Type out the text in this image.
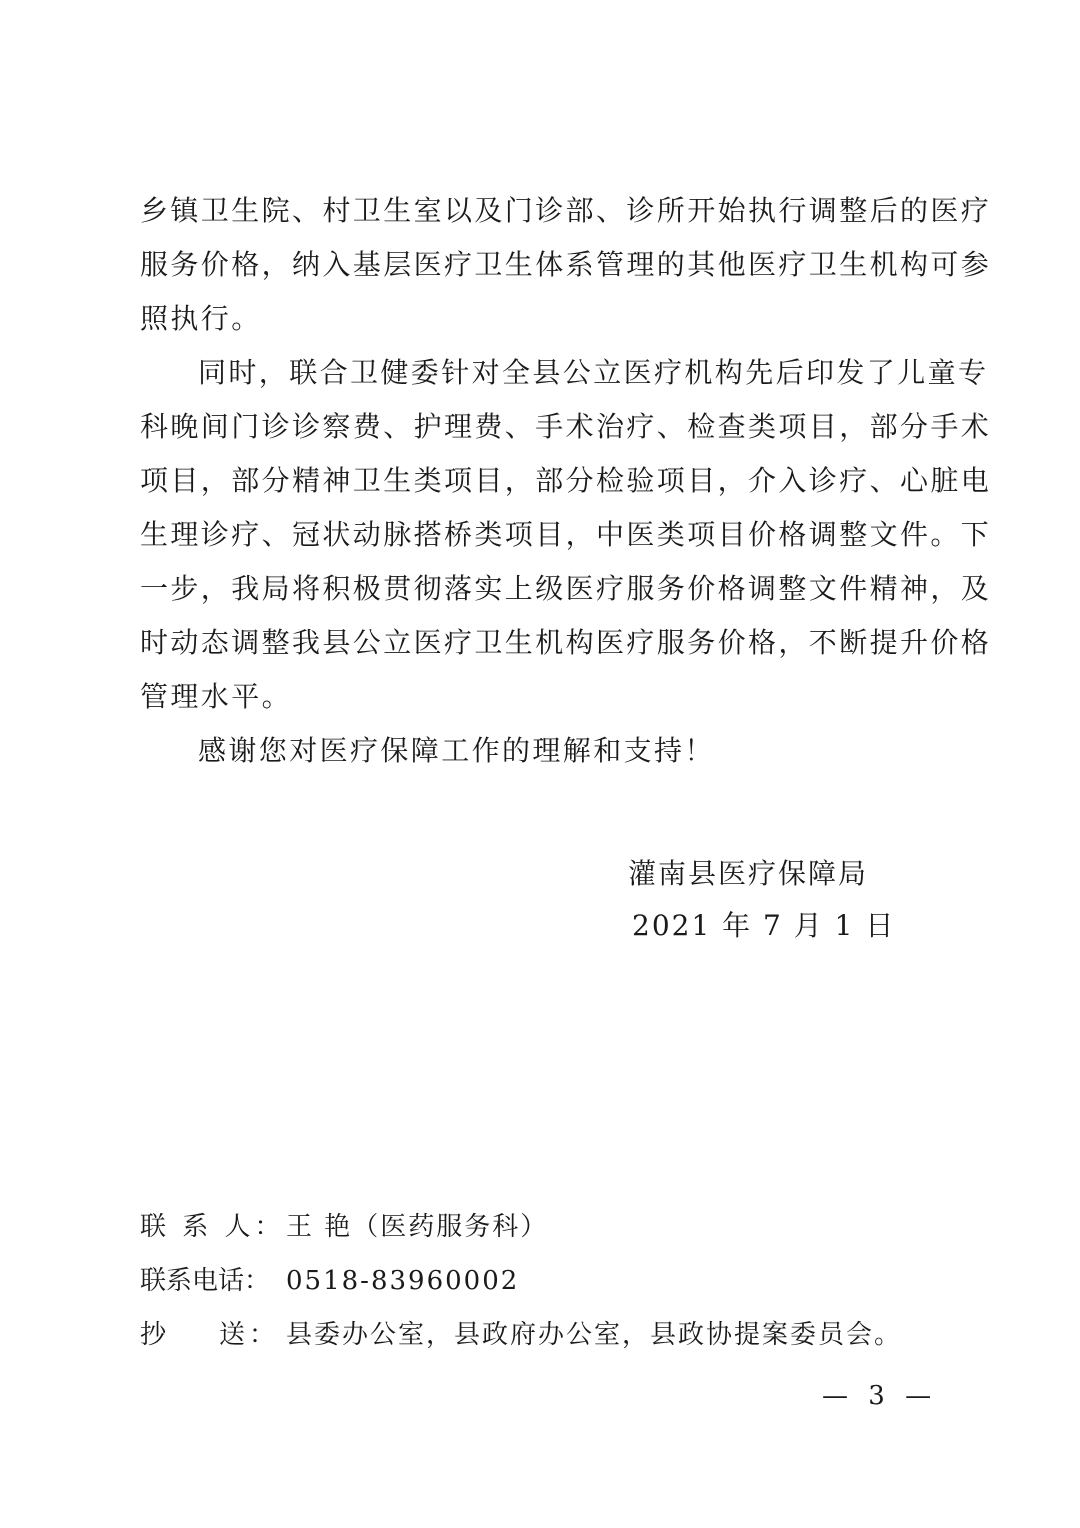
乡镇卫生院、村卫生室以及门诊部、诊所开始执行调整后的医疗
服务价格，纳入基层医疗卫生体系管理的其他医疗卫生机构可参
照执行。
同时，联合卫健委针对全县公立医疗机构先后印发了儿童专
科晚间门诊诊察费、护理费、手术治疗、检查类项目，部分手术
项目，部分精神卫生类项目，部分检验项目，介入诊疗、心脏电
生理诊疗、冠状动脉搭桥类项目，中医类项目价格调整文件。下
一步，我局将积极贯彻落实上级医疗服务价格调整文件精神，及
时动态调整我县公立医疗卫生机构医疗服务价格，不断提升价格
管理水平。
感谢您对医疗保障工作的理解和支持！
灌南县医疗保障局
2021 年 7 月 1 日
联 系 人： 王 艳（医药服务科）
联系电话： 0518-83960002
抄    送： 县委办公室，县政府办公室，县政协提案委员会。
— 3 —
